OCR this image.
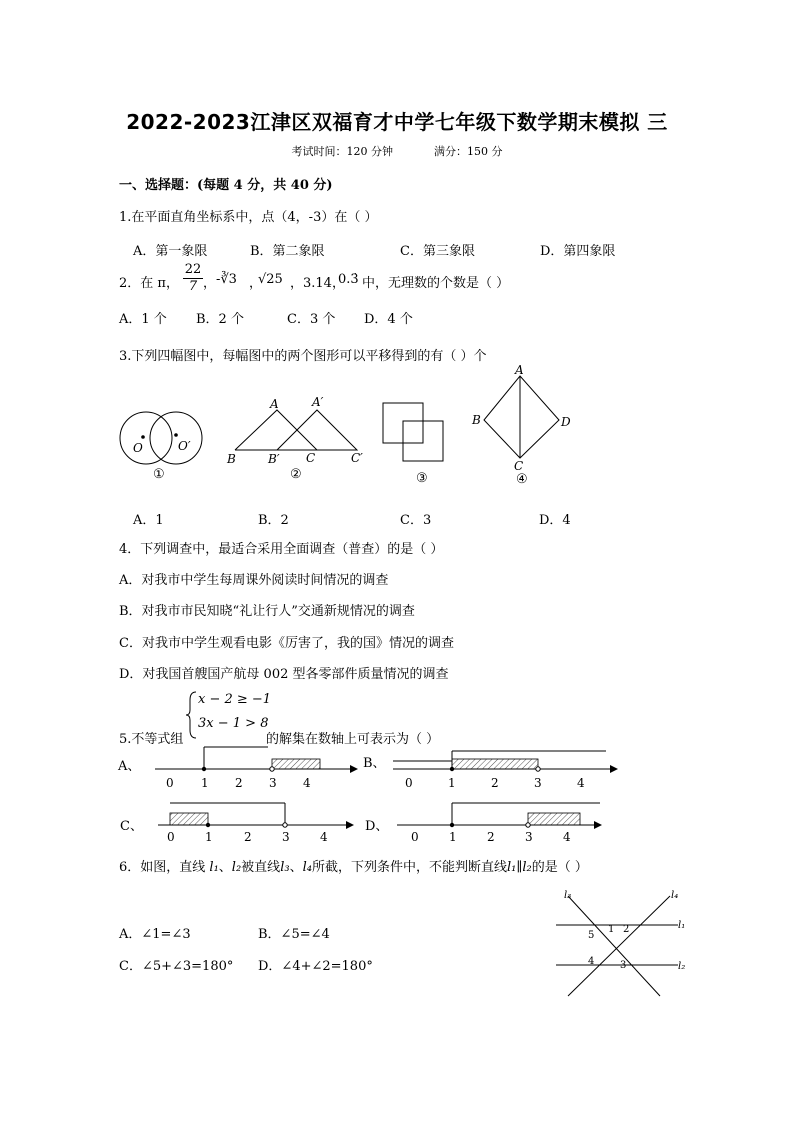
2022-2023江津区双福育才中学七年级下数学期末模拟 三
考试时间：120 分钟	满分：150 分
一、选择题：(每题 4 分，共 40 分)
1.在平面直角坐标系中，点（4，-3）在（ ）
A．第一象限	B．第二象限	C．第三象限	D．第四象限
2．在 π， $\frac{22}{7}$ ， -∛3 ，
√25 ，3.14，
0.3̇ 中，无理数的个数是（ ）
A．1 个 B．2 个	C．3 个 D．4 个
3.下列四幅图中，每幅图中的两个图形可以平移得到的有（ ）个
O	O′
①
A	A′
B	B′ C	C′
②	③
A
B	D
C
④
A．1	B．2	C．3	D．4
4．下列调查中，最适合采用全面调查（普查）的是（ ）
A．对我市中学生每周课外阅读时间情况的调查
B．对我市市民知晓“礼让行人”交通新规情况的调查
C．对我市中学生观看电影《厉害了，我的国》情况的调查
D．对我国首艘国产航母 002 型各零部件质量情况的调查
5.不等式组
x − 2 ≥ −1
3x − 1 > 8
的解集在数轴上可表示为（ ）
A、
0 1 2 3 4
B、
0	1	2	3	4
C、
0	1	2	3	4
D、
0	1	2	3	4
6．如图，直线 l₁、l₂被直线l₃、l₄所截，下列条件中，不能判断直线l₁∥l₂的是（ ）
A．∠1=∠3	B．∠5=∠4
C．∠5+∠3=180° D．∠4+∠2=180°
l₃	l₄
l₁
l₂
1 2
5
4	3
